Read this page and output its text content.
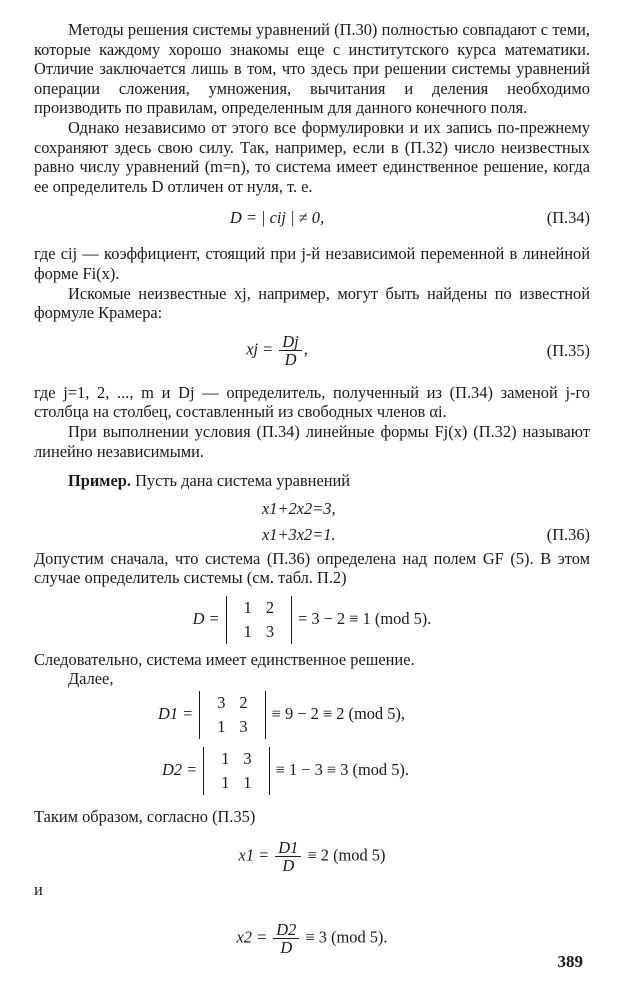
Методы решения системы уравнений (П.30) полностью совпадают с теми, которые каждому хорошо знакомы еще с институтского курса математики. Отличие заключается лишь в том, что здесь при решении системы уравнений операции сложения, умножения, вычитания и деления необходимо производить по правилам, определенным для данного конечного поля.

Однако независимо от этого все формулировки и их запись по-прежнему сохраняют здесь свою силу. Так, например, если в (П.32) число неизвестных равно числу уравнений (m=n), то система имеет единственное решение, когда ее определитель D отличен от нуля, т. е.

D = | cij | ≠ 0,	(П.34)

где cij — коэффициент, стоящий при j-й независимой переменной в линейной форме Fi(x).

Искомые неизвестные xj, например, могут быть найдены по известной формуле Крамера:

xj = $\frac{Dj}{D}$ ,	(П.35)

где j=1, 2, ..., m и Dj — определитель, полученный из (П.34) заменой j-го столбца на столбец, составленный из свободных членов αi.

При выполнении условия (П.34) линейные формы Fj(x) (П.32) называют линейно независимыми.

Пример. Пусть дана система уравнений

x1+2x2=3,
x1+3x2=1.	(П.36)

Допустим сначала, что система (П.36) определена над полем GF (5). В этом случае определитель системы (см. табл. П.2)

D =
1	2
1	3
= 3 − 2 ≡ 1 (mod 5).

Следовательно, система имеет единственное решение.

Далее,

D1 =
3	2
1	3
≡ 9 − 2 ≡ 2 (mod 5),
D2 =
1	3
1	1
≡ 1 − 3 ≡ 3 (mod 5).

Таким образом, согласно (П.35)

$x1 = \frac{D1}{D} \equiv 2$ (mod 5)

и

$x2 = \frac{D2}{D} \equiv 3$ (mod 5).
389
